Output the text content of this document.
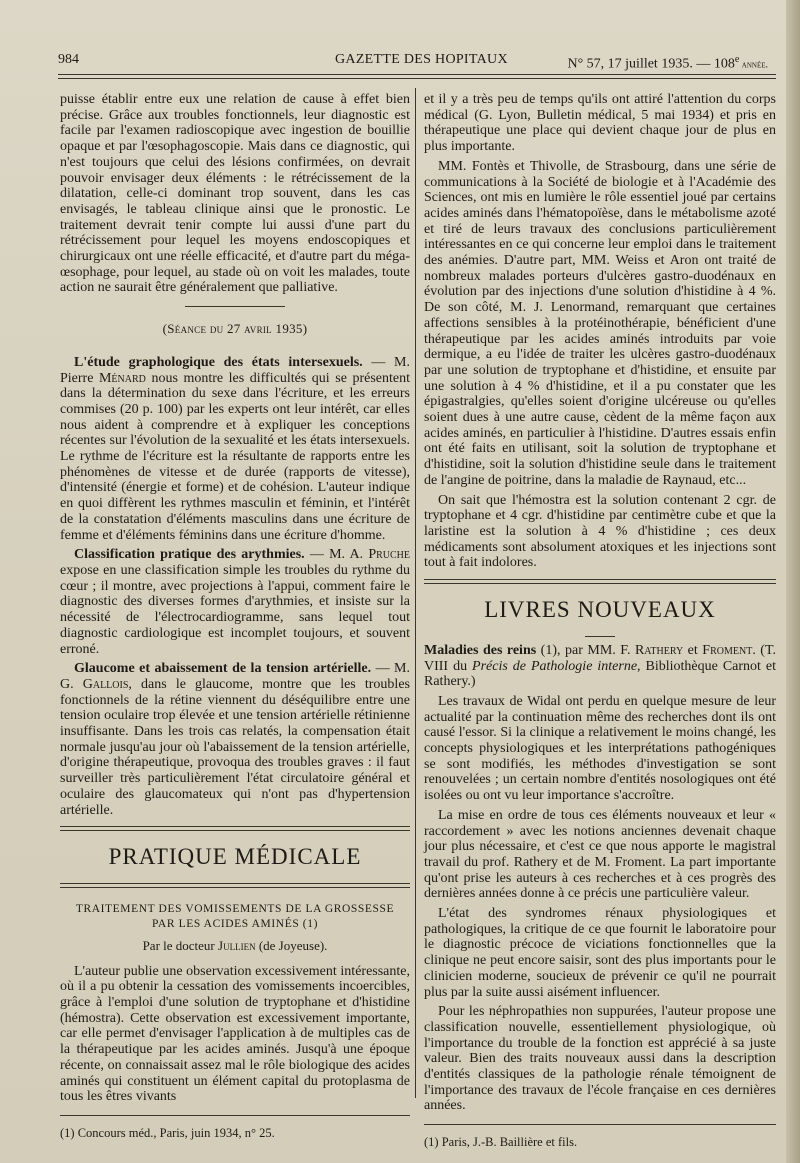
984	GAZETTE DES HOPITAUX	N° 57, 17 juillet 1935. — 108e année.

puisse établir entre eux une relation de cause à effet bien précise. Grâce aux troubles fonctionnels, leur diagnostic est facile par l'examen radioscopique avec ingestion de bouillie opaque et par l'œsophagoscopie. Mais dans ce diagnostic, qui n'est toujours que celui des lésions confirmées, on devrait pouvoir envisager deux éléments : le rétrécissement de la dilatation, celle-ci dominant trop souvent, dans les cas envisagés, le tableau clinique ainsi que le pronostic. Le traitement devrait tenir compte lui aussi d'une part du rétrécissement pour lequel les moyens endoscopiques et chirurgicaux ont une réelle efficacité, et d'autre part du méga-œsophage, pour lequel, au stade où on voit les malades, toute action ne saurait être généralement que palliative.

(Séance du 27 avril 1935)

L'étude graphologique des états intersexuels. — M. Pierre Ménard nous montre les difficultés qui se présentent dans la détermination du sexe dans l'écriture, et les erreurs commises (20 p. 100) par les experts ont leur intérêt, car elles nous aident à comprendre et à expliquer les conceptions récentes sur l'évolution de la sexualité et les états intersexuels. Le rythme de l'écriture est la résultante de rapports entre les phénomènes de vitesse et de durée (rapports de vitesse), d'intensité (énergie et forme) et de cohésion. L'auteur indique en quoi diffèrent les rythmes masculin et féminin, et l'intérêt de la constatation d'éléments masculins dans une écriture de femme et d'éléments féminins dans une écriture d'homme.

Classification pratique des arythmies. — M. A. Pruche expose en une classification simple les troubles du rythme du cœur ; il montre, avec projections à l'appui, comment faire le diagnostic des diverses formes d'arythmies, et insiste sur la nécessité de l'électrocardiogramme, sans lequel tout diagnostic cardiologique est incomplet toujours, et souvent erroné.

Glaucome et abaissement de la tension artérielle. — M. G. Gallois, dans le glaucome, montre que les troubles fonctionnels de la rétine viennent du déséquilibre entre une tension oculaire trop élevée et une tension artérielle rétinienne insuffisante. Dans les trois cas relatés, la compensation était normale jusqu'au jour où l'abaissement de la tension artérielle, d'origine thérapeutique, provoqua des troubles graves : il faut surveiller très particulièrement l'état circulatoire général et oculaire des glaucomateux qui n'ont pas d'hypertension artérielle.

PRATIQUE MÉDICALE
TRAITEMENT DES VOMISSEMENTS DE LA GROSSESSE
PAR LES ACIDES AMINÉS (1)
Par le docteur Jullien (de Joyeuse).

L'auteur publie une observation excessivement intéressante, où il a pu obtenir la cessation des vomissements incoercibles, grâce à l'emploi d'une solution de tryptophane et d'histidine (hémostra). Cette observation est excessivement importante, car elle permet d'envisager l'application à de multiples cas de la thérapeutique par les acides aminés. Jusqu'à une époque récente, on connaissait assez mal le rôle biologique des acides aminés qui constituent un élément capital du protoplasma de tous les êtres vivants

(1) Concours méd., Paris, juin 1934, n° 25.

et il y a très peu de temps qu'ils ont attiré l'attention du corps médical (G. Lyon, Bulletin médical, 5 mai 1934) et pris en thérapeutique une place qui devient chaque jour de plus en plus importante.

MM. Fontès et Thivolle, de Strasbourg, dans une série de communications à la Société de biologie et à l'Académie des Sciences, ont mis en lumière le rôle essentiel joué par certains acides aminés dans l'hématopoïèse, dans le métabolisme azoté et tiré de leurs travaux des conclusions particulièrement intéressantes en ce qui concerne leur emploi dans le traitement des anémies. D'autre part, MM. Weiss et Aron ont traité de nombreux malades porteurs d'ulcères gastro-duodénaux en évolution par des injections d'une solution d'histidine à 4 %. De son côté, M. J. Lenormand, remarquant que certaines affections sensibles à la protéinothérapie, bénéficient d'une thérapeutique par les acides aminés introduits par voie dermique, a eu l'idée de traiter les ulcères gastro-duodénaux par une solution de tryptophane et d'histidine, et ensuite par une solution à 4 % d'histidine, et il a pu constater que les épigastralgies, qu'elles soient d'origine ulcéreuse ou qu'elles soient dues à une autre cause, cèdent de la même façon aux acides aminés, en particulier à l'histidine. D'autres essais enfin ont été faits en utilisant, soit la solution de tryptophane et d'histidine, soit la solution d'histidine seule dans le traitement de l'angine de poitrine, dans la maladie de Raynaud, etc...

On sait que l'hémostra est la solution contenant 2 cgr. de tryptophane et 4 cgr. d'histidine par centimètre cube et que la laristine est la solution à 4 % d'histidine ; ces deux médicaments sont absolument atoxiques et les injections sont tout à fait indolores.

LIVRES NOUVEAUX

Maladies des reins (1), par MM. F. Rathery et Froment. (T. VIII du Précis de Pathologie interne, Bibliothèque Carnot et Rathery.)

Les travaux de Widal ont perdu en quelque mesure de leur actualité par la continuation même des recherches dont ils ont causé l'essor. Si la clinique a relativement le moins changé, les concepts physiologiques et les interprétations pathogéniques se sont modifiés, les méthodes d'investigation se sont renouvelées ; un certain nombre d'entités nosologiques ont été isolées ou ont vu leur importance s'accroître.

La mise en ordre de tous ces éléments nouveaux et leur « raccordement » avec les notions anciennes devenait chaque jour plus nécessaire, et c'est ce que nous apporte le magistral travail du prof. Rathery et de M. Froment. La part importante qu'ont prise les auteurs à ces recherches et à ces progrès des dernières années donne à ce précis une particulière valeur.

L'état des syndromes rénaux physiologiques et pathologiques, la critique de ce que fournit le laboratoire pour le diagnostic précoce de viciations fonctionnelles que la clinique ne peut encore saisir, sont des plus importants pour le clinicien moderne, soucieux de prévenir ce qu'il ne pourrait plus par la suite aussi aisément influencer.

Pour les néphropathies non suppurées, l'auteur propose une classification nouvelle, essentiellement physiologique, où l'importance du trouble de la fonction est apprécié à sa juste valeur. Bien des traits nouveaux aussi dans la description d'entités classiques de la pathologie rénale témoignent de l'importance des travaux de l'école française en ces dernières années.

(1) Paris, J.-B. Baillière et fils.
